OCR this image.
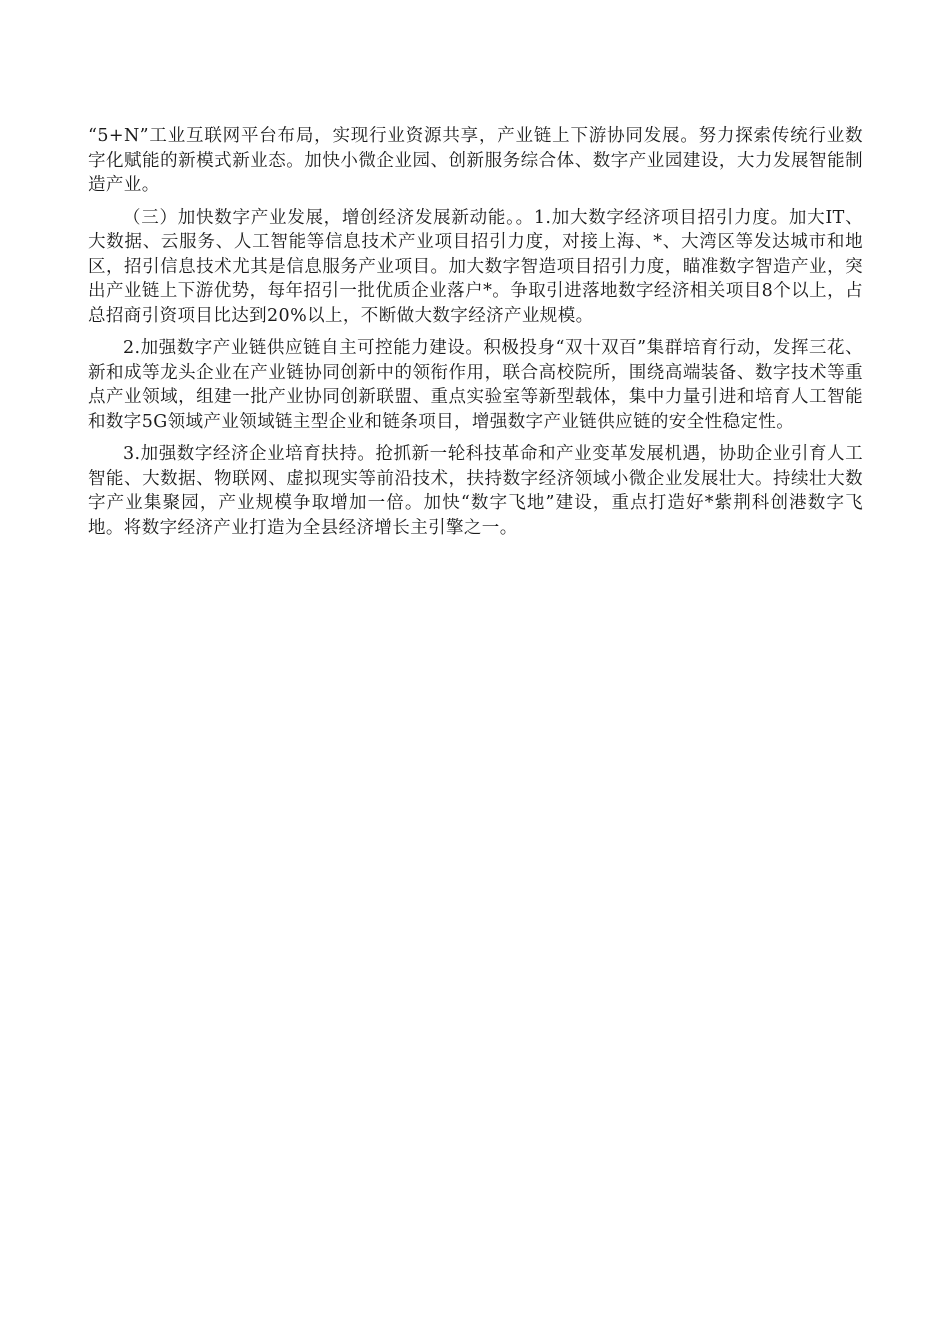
“5+N”工业互联网平台布局，实现行业资源共享，产业链上下游协同发展。努力探索传统行业数字化赋能的新模式新业态。加快小微企业园、创新服务综合体、数字产业园建设，大力发展智能制造产业。

（三）加快数字产业发展，增创经济发展新动能。。1.加大数字经济项目招引力度。加大IT、大数据、云服务、人工智能等信息技术产业项目招引力度，对接上海、*、大湾区等发达城市和地区，招引信息技术尤其是信息服务产业项目。加大数字智造项目招引力度，瞄准数字智造产业，突出产业链上下游优势，每年招引一批优质企业落户*。争取引进落地数字经济相关项目8个以上，占总招商引资项目比达到20%以上，不断做大数字经济产业规模。

2.加强数字产业链供应链自主可控能力建设。积极投身“双十双百”集群培育行动，发挥三花、新和成等龙头企业在产业链协同创新中的领衔作用，联合高校院所，围绕高端装备、数字技术等重点产业领域，组建一批产业协同创新联盟、重点实验室等新型载体，集中力量引进和培育人工智能和数字5G领域产业领域链主型企业和链条项目，增强数字产业链供应链的安全性稳定性。

3.加强数字经济企业培育扶持。抢抓新一轮科技革命和产业变革发展机遇，协助企业引育人工智能、大数据、物联网、虚拟现实等前沿技术，扶持数字经济领域小微企业发展壮大。持续壮大数字产业集聚园，产业规模争取增加一倍。加快“数字飞地”建设，重点打造好*紫荆科创港数字飞地。将数字经济产业打造为全县经济增长主引擎之一。
